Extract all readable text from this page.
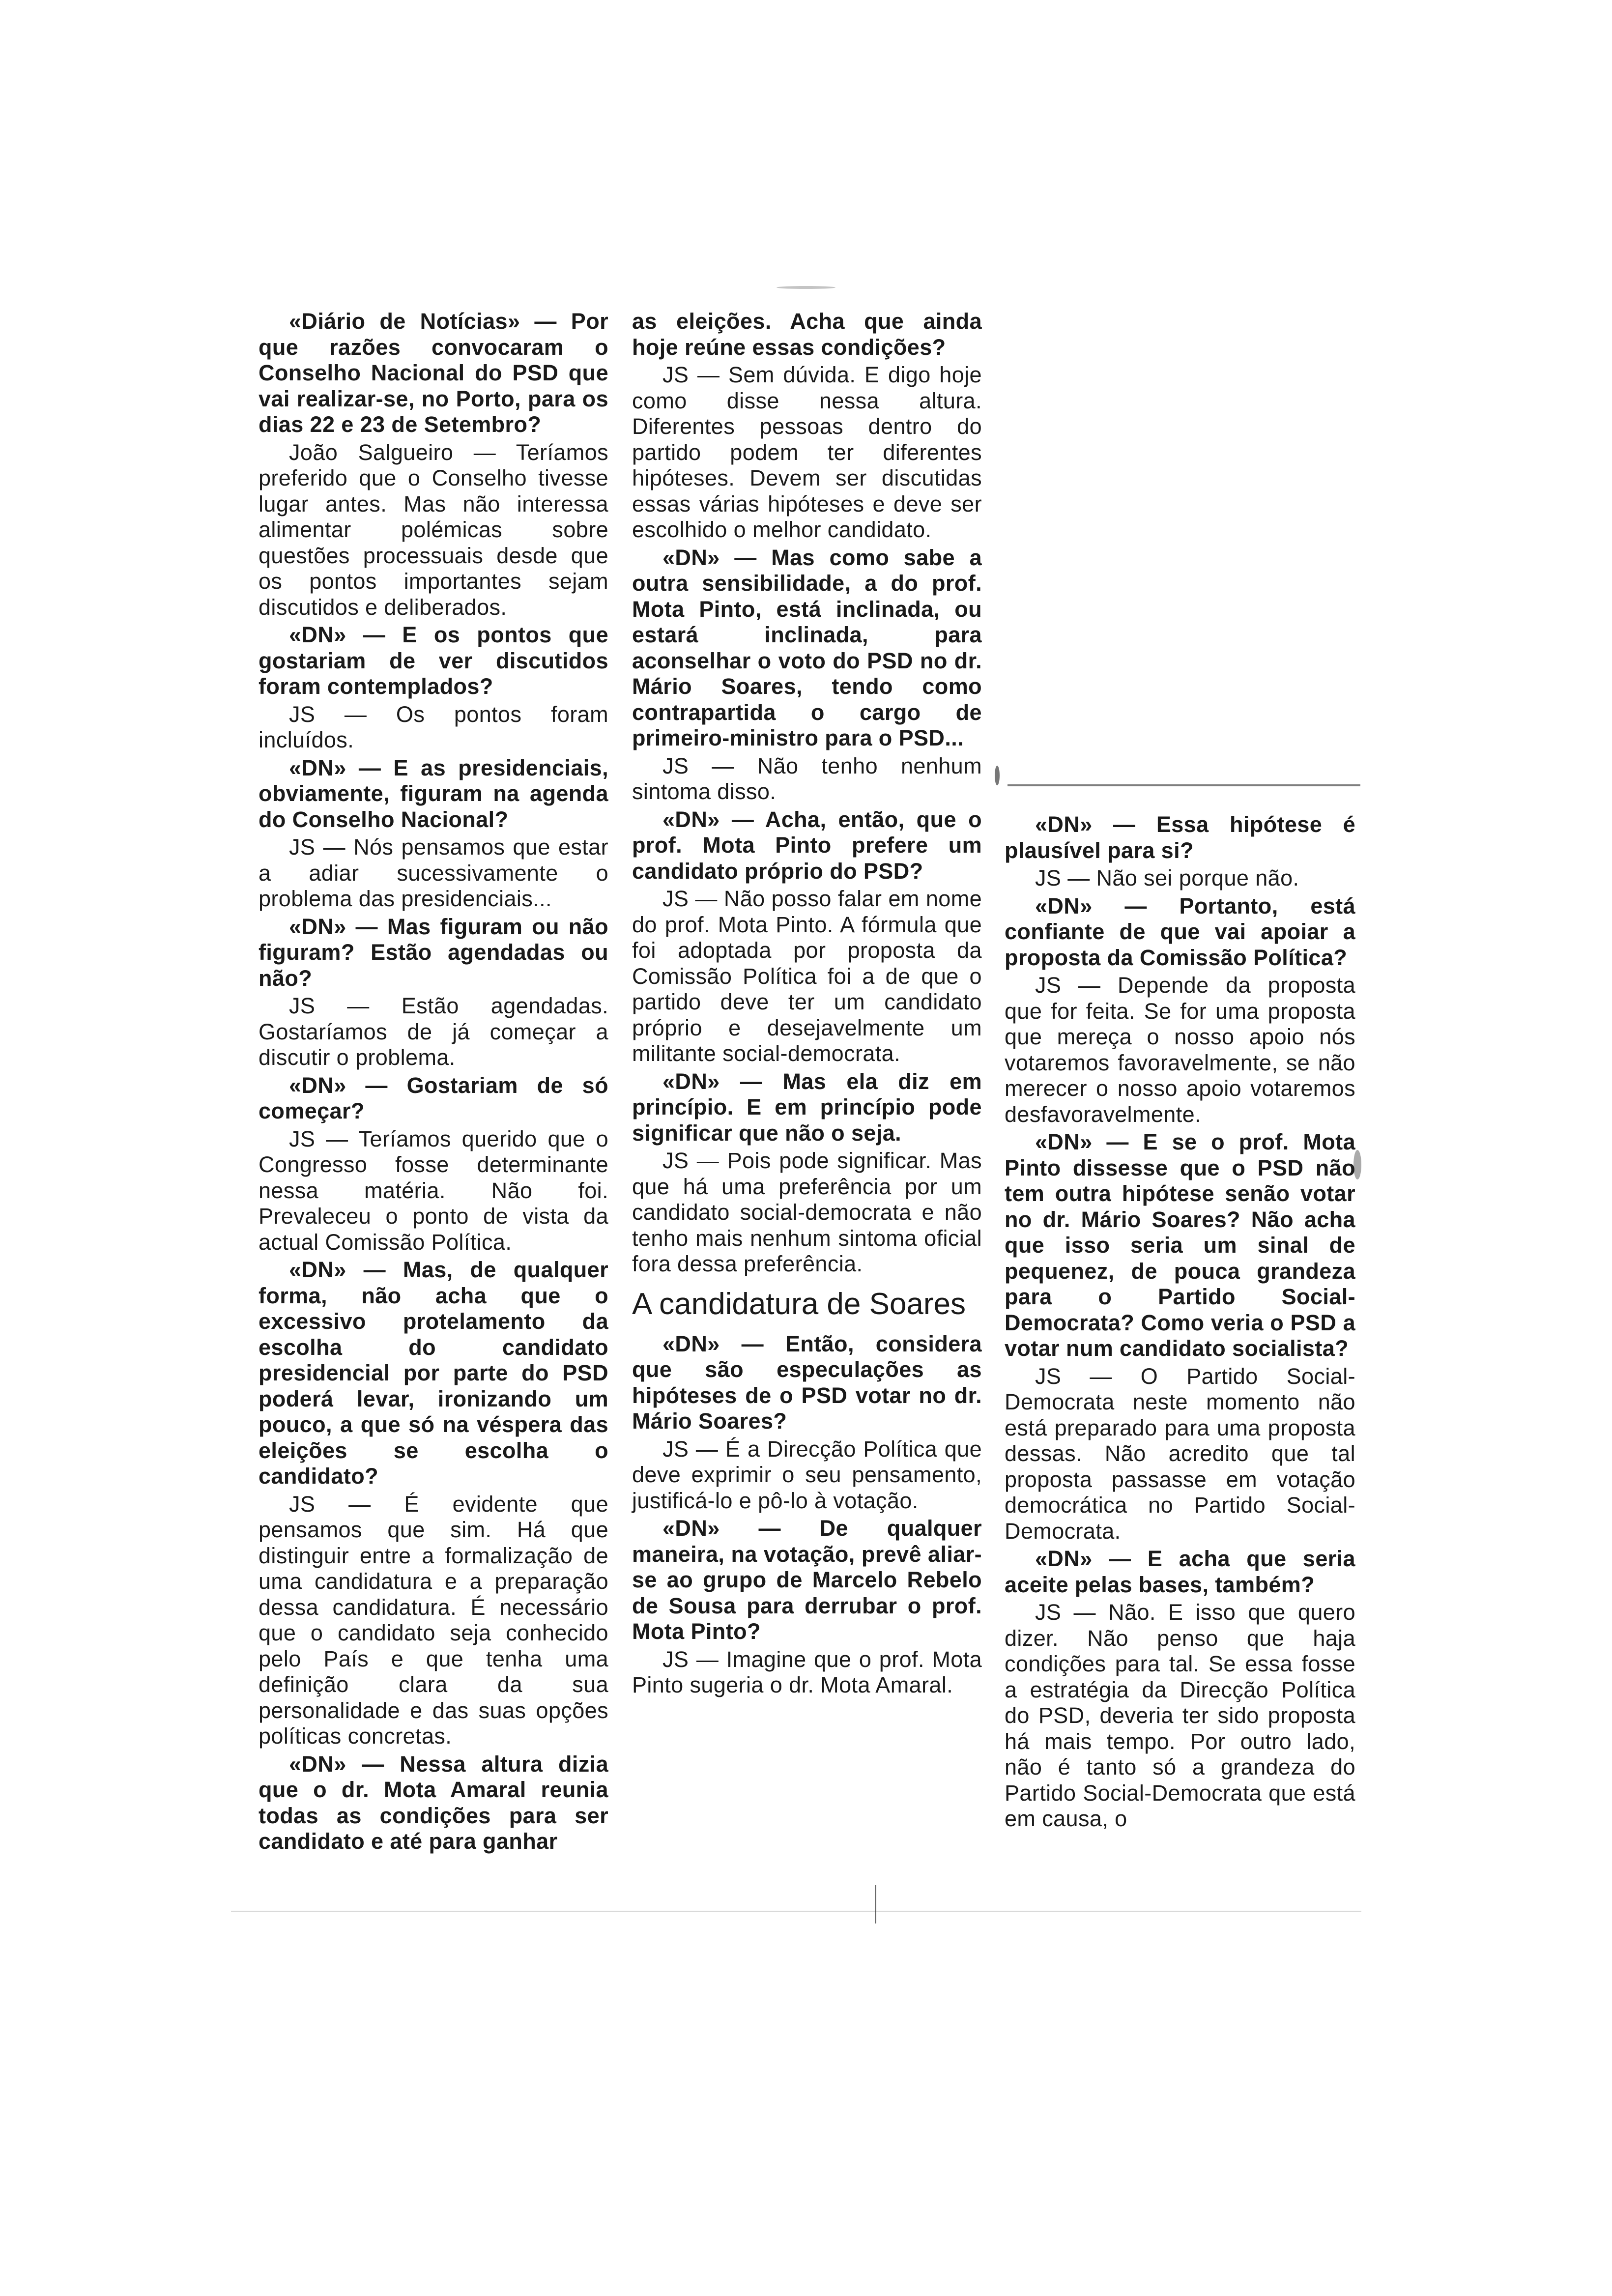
«Diário de Notícias» — Por que razões convocaram o Conselho Nacional do PSD que vai realizar-se, no Porto, para os dias 22 e 23 de Setembro?

João Salgueiro — Teríamos preferido que o Conselho tivesse lugar antes. Mas não interessa alimentar polémicas sobre questões processuais desde que os pontos importantes sejam discutidos e deliberados.

«DN» — E os pontos que gostariam de ver discutidos foram contemplados?

JS — Os pontos foram incluídos.

«DN» — E as presidenciais, obviamente, figuram na agenda do Conselho Nacional?

JS — Nós pensamos que estar a adiar sucessivamente o problema das presidenciais...

«DN» — Mas figuram ou não figuram? Estão agendadas ou não?

JS — Estão agendadas. Gostaríamos de já começar a discutir o problema.

«DN» — Gostariam de só começar?

JS — Teríamos querido que o Congresso fosse determinante nessa matéria. Não foi. Prevaleceu o ponto de vista da actual Comissão Política.

«DN» — Mas, de qualquer forma, não acha que o excessivo protelamento da escolha do candidato presidencial por parte do PSD poderá levar, ironizando um pouco, a que só na véspera das eleições se escolha o candidato?

JS — É evidente que pensamos que sim. Há que distinguir entre a formalização de uma candidatura e a preparação dessa candidatura. É necessário que o candidato seja conhecido pelo País e que tenha uma definição clara da sua personalidade e das suas opções políticas concretas.

«DN» — Nessa altura dizia que o dr. Mota Amaral reunia todas as condições para ser candidato e até para ganhar

as eleições. Acha que ainda hoje reúne essas condições?

JS — Sem dúvida. E digo hoje como disse nessa altura. Diferentes pessoas dentro do partido podem ter diferentes hipóteses. Devem ser discutidas essas várias hipóteses e deve ser escolhido o melhor candidato.

«DN» — Mas como sabe a outra sensibilidade, a do prof. Mota Pinto, está inclinada, ou estará inclinada, para aconselhar o voto do PSD no dr. Mário Soares, tendo como contrapartida o cargo de primeiro-ministro para o PSD...

JS — Não tenho nenhum sintoma disso.

«DN» — Acha, então, que o prof. Mota Pinto prefere um candidato próprio do PSD?

JS — Não posso falar em nome do prof. Mota Pinto. A fórmula que foi adoptada por proposta da Comissão Política foi a de que o partido deve ter um candidato próprio e desejavelmente um militante social-democrata.

«DN» — Mas ela diz em princípio. E em princípio pode significar que não o seja.

JS — Pois pode significar. Mas que há uma preferência por um candidato social-democrata e não tenho mais nenhum sintoma oficial fora dessa preferência.

A candidatura de Soares

«DN» — Então, considera que são especulações as hipóteses de o PSD votar no dr. Mário Soares?

JS — É a Direcção Política que deve exprimir o seu pensamento, justificá-lo e pô-lo à votação.

«DN» — De qualquer maneira, na votação, prevê aliar-se ao grupo de Marcelo Rebelo de Sousa para derrubar o prof. Mota Pinto?

JS — Imagine que o prof. Mota Pinto sugeria o dr. Mota Amaral.

«DN» — Essa hipótese é plausível para si?

JS — Não sei porque não.

«DN» — Portanto, está confiante de que vai apoiar a proposta da Comissão Política?

JS — Depende da proposta que for feita. Se for uma proposta que mereça o nosso apoio nós votaremos favoravelmente, se não merecer o nosso apoio votaremos desfavoravelmente.

«DN» — E se o prof. Mota Pinto dissesse que o PSD não tem outra hipótese senão votar no dr. Mário Soares? Não acha que isso seria um sinal de pequenez, de pouca grandeza para o Partido Social-Democrata? Como veria o PSD a votar num candidato socialista?

JS — O Partido Social-Democrata neste momento não está preparado para uma proposta dessas. Não acredito que tal proposta passasse em votação democrática no Partido Social-Democrata.

«DN» — E acha que seria aceite pelas bases, também?

JS — Não. E isso que quero dizer. Não penso que haja condições para tal. Se essa fosse a estratégia da Direcção Política do PSD, deveria ter sido proposta há mais tempo. Por outro lado, não é tanto só a grandeza do Partido Social-Democrata que está em causa, o
